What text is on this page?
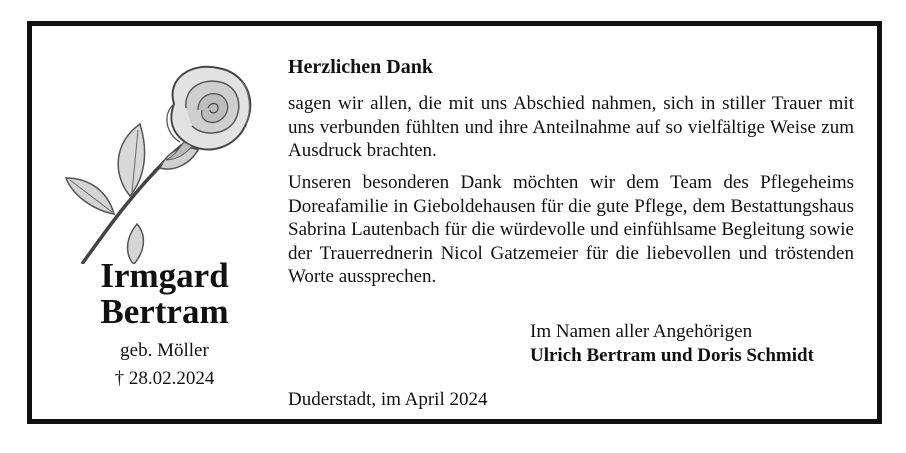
Irmgard
Bertram
geb. Möller
† 28.02.2024
Herzlichen Dank

sagen wir allen, die mit uns Abschied nahmen, sich in stiller Trauer mit uns verbunden fühlten und ihre Anteilnahme auf so vielfältige Weise zum Ausdruck brachten.

Unseren besonderen Dank möchten wir dem Team des Pflegeheims Doreafamilie in Gieboldehausen für die gute Pflege, dem Bestattungshaus Sabrina Lautenbach für die würdevolle und einfühlsame Begleitung sowie der Trauerrednerin Nicol Gatzemeier für die liebevollen und tröstenden Worte aussprechen.

Im Namen aller Angehörigen
Ulrich Bertram und Doris Schmidt
Duderstadt, im April 2024
